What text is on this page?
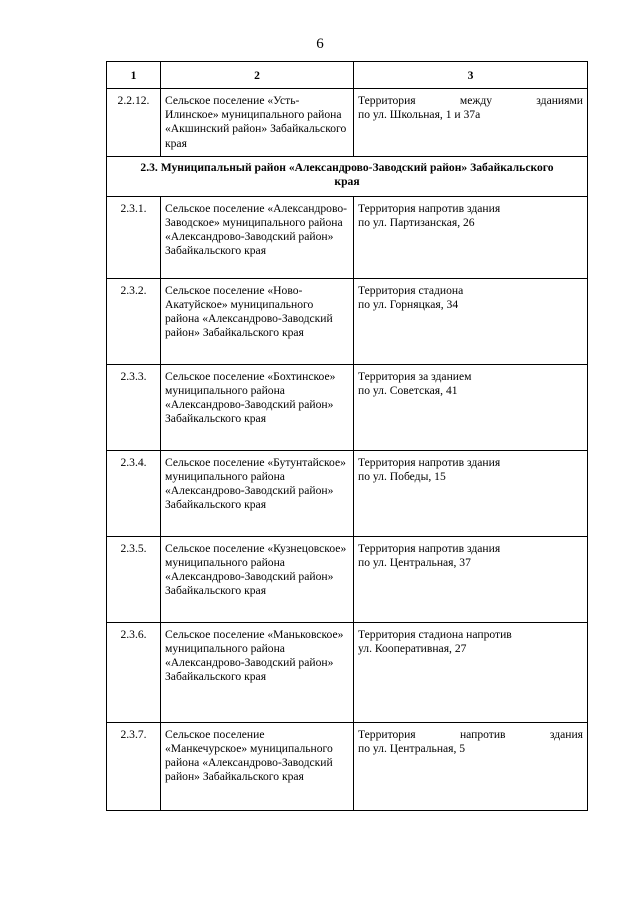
6
1	2	3
2.2.12.	Сельское поселение «Усть-Илинское» муниципального района «Акшинский район» Забайкальского края	Территория между зданиями
по ул. Школьная, 1 и 37а
2.3. Муниципальный район «Александрово-Заводский район» Забайкальского края		
2.3.1.	Сельское поселение «Александрово-Заводское» муниципального района «Александрово-Заводский район» Забайкальского края	Территория напротив здания
по ул. Партизанская, 26
2.3.2.	Сельское поселение «Ново-Акатуйское» муниципального района «Александрово-Заводский район» Забайкальского края	Территория стадиона
по ул. Горняцкая, 34
2.3.3.	Сельское поселение «Бохтинское» муниципального района «Александрово-Заводский район» Забайкальского края	Территория за зданием
по ул. Советская, 41
2.3.4.	Сельское поселение «Бутунтайское» муниципального района «Александрово-Заводский район» Забайкальского края	Территория напротив здания
по ул. Победы, 15
2.3.5.	Сельское поселение «Кузнецовское» муниципального района «Александрово-Заводский район» Забайкальского края	Территория напротив здания
по ул. Центральная, 37
2.3.6.	Сельское поселение «Маньковское» муниципального района «Александрово-Заводский район» Забайкальского края	Территория стадиона напротив
ул. Кооперативная, 27
2.3.7.	Сельское поселение «Манкечурское» муниципального района «Александрово-Заводский район» Забайкальского края	Территория напротив здания
по ул. Центральная, 5
